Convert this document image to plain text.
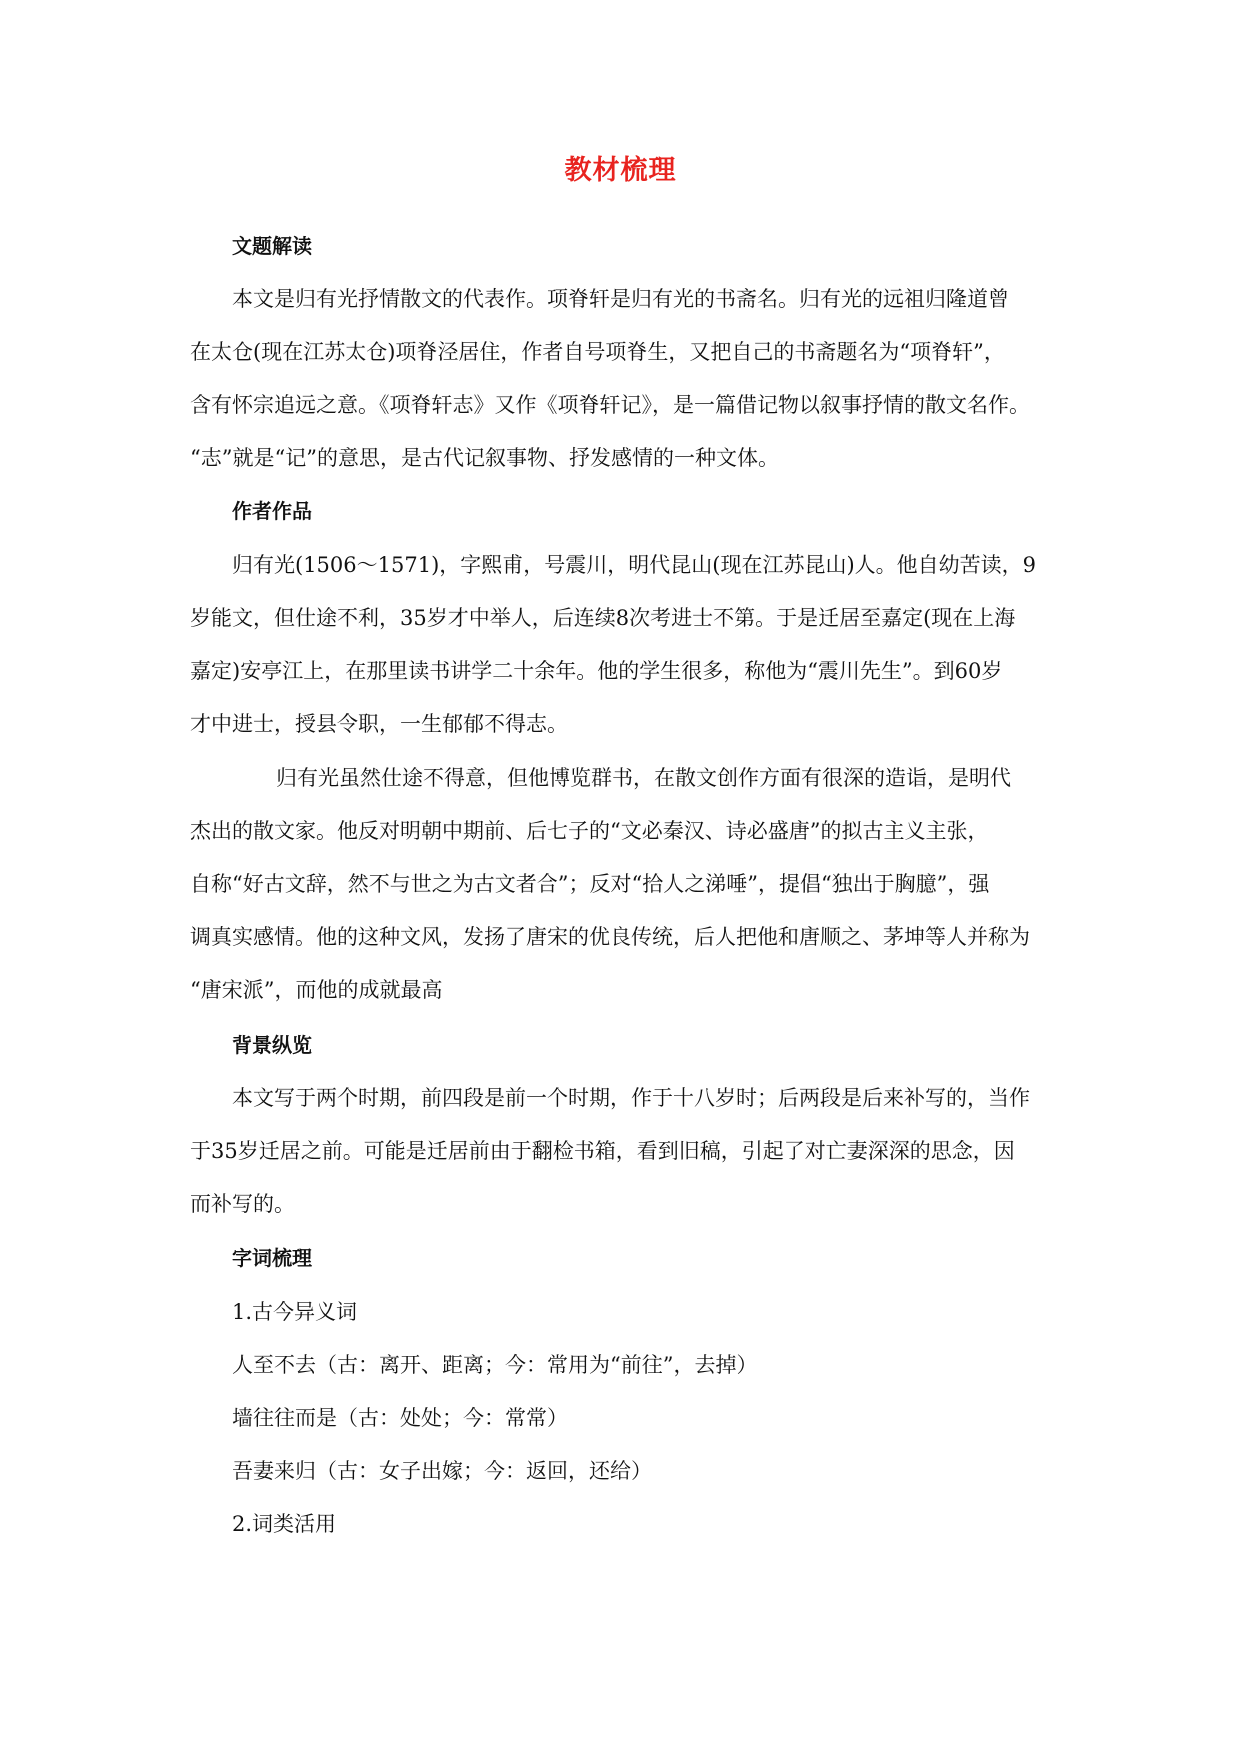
教材梳理
文题解读
本文是归有光抒情散文的代表作。项脊轩是归有光的书斋名。归有光的远祖归隆道曾
在太仓(现在江苏太仓)项脊泾居住，作者自号项脊生，又把自己的书斋题名为“项脊轩”，
含有怀宗追远之意。《项脊轩志》又作《项脊轩记》，是一篇借记物以叙事抒情的散文名作。
“志”就是“记”的意思，是古代记叙事物、抒发感情的一种文体。
作者作品
归有光(1506～1571)，字熙甫，号震川，明代昆山(现在江苏昆山)人。他自幼苦读，9
岁能文，但仕途不利，35岁才中举人，后连续8次考进士不第。于是迁居至嘉定(现在上海
嘉定)安亭江上，在那里读书讲学二十余年。他的学生很多，称他为“震川先生”。到60岁
才中进士，授县令职，一生郁郁不得志。
归有光虽然仕途不得意，但他博览群书，在散文创作方面有很深的造诣，是明代
杰出的散文家。他反对明朝中期前、后七子的“文必秦汉、诗必盛唐”的拟古主义主张，
自称“好古文辞，然不与世之为古文者合”；反对“拾人之涕唾”，提倡“独出于胸臆”，强
调真实感情。他的这种文风，发扬了唐宋的优良传统，后人把他和唐顺之、茅坤等人并称为
“唐宋派”，而他的成就最高
背景纵览
本文写于两个时期，前四段是前一个时期，作于十八岁时；后两段是后来补写的，当作
于35岁迁居之前。可能是迁居前由于翻检书箱，看到旧稿，引起了对亡妻深深的思念，因
而补写的。
字词梳理
1.古今异义词
人至不去（古：离开、距离；今：常用为“前往”，去掉）
墙往往而是（古：处处；今：常常）
吾妻来归（古：女子出嫁；今：返回，还给）
2.词类活用
